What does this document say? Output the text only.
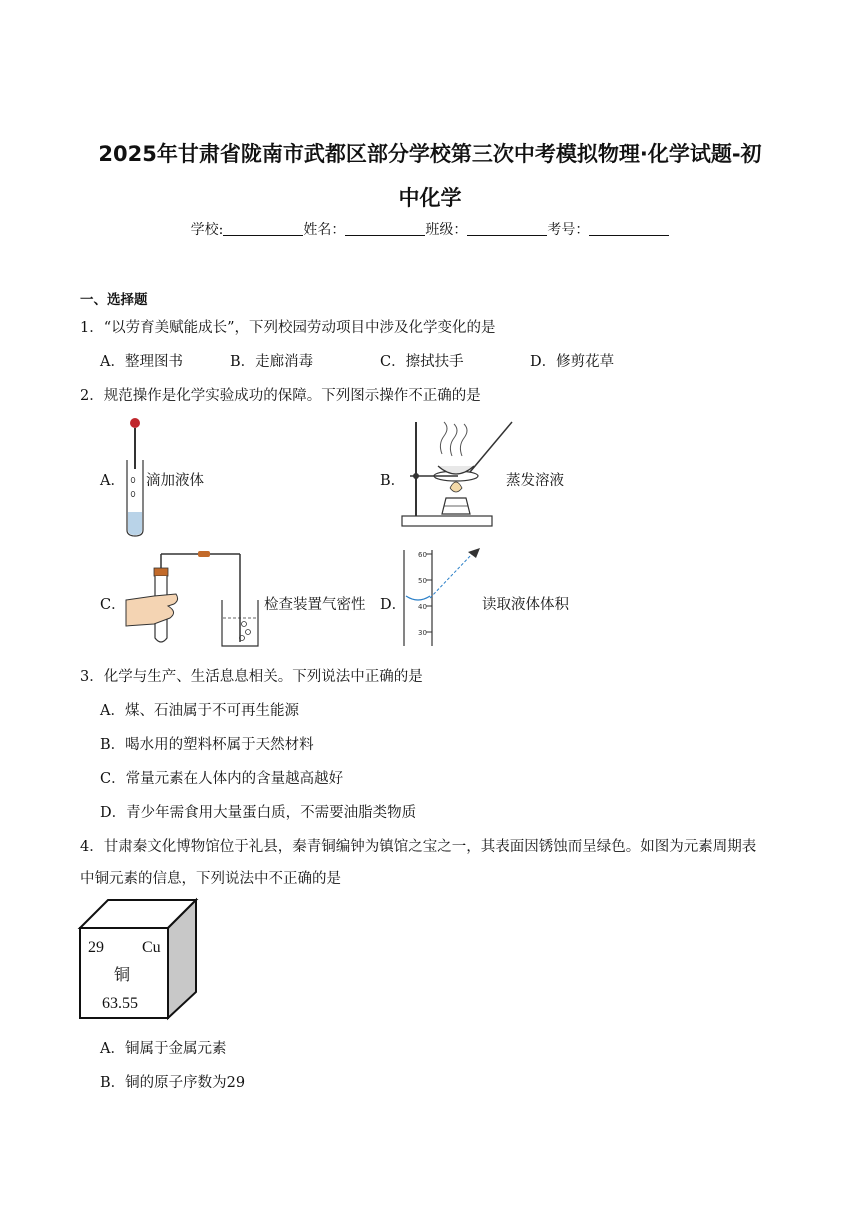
2025年甘肃省陇南市武都区部分学校第三次中考模拟物理·化学试题-初
中化学
学校:	姓名：	班级：	考号：
一、选择题
1．“以劳育美赋能成长”，下列校园劳动项目中涉及化学变化的是
A．整理图书	B．走廊消毒	C．擦拭扶手	D．修剪花草
2．规范操作是化学实验成功的保障。下列图示操作不正确的是
A． 滴加液体	B．	蒸发溶液
C．	检查装置气密性 D．
60
50
40
30
读取液体体积
3．化学与生产、生活息息相关。下列说法中正确的是
A．煤、石油属于不可再生能源
B．喝水用的塑料杯属于天然材料
C．常量元素在人体内的含量越高越好
D．青少年需食用大量蛋白质，不需要油脂类物质
4．甘肃秦文化博物馆位于礼县，秦青铜编钟为镇馆之宝之一，其表面因锈蚀而呈绿色。如图为元素周期表
中铜元素的信息，下列说法中不正确的是
29 Cu
铜
63.55
A．铜属于金属元素
B．铜的原子序数为29
